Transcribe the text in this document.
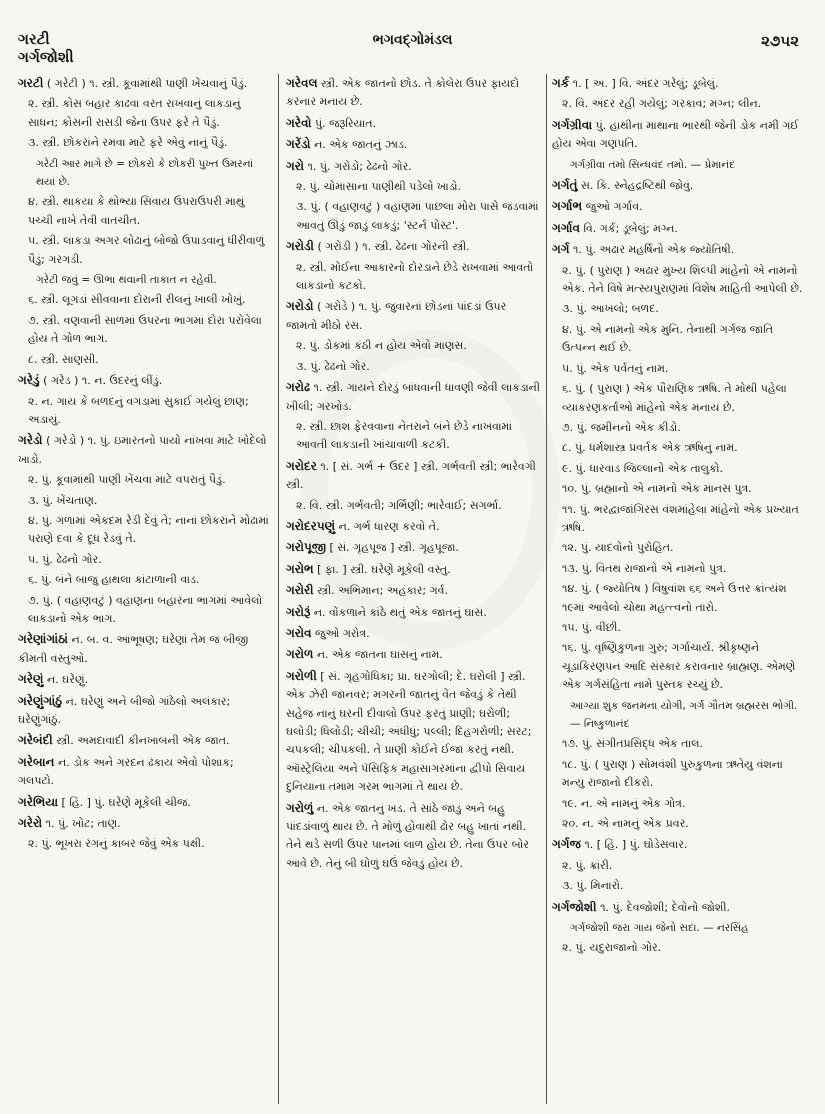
ગરટી
ગર્ગજોશી
ભગવદ્ગોમંડલ	૨૭૫૨
ગરટી ( ગરેટી ) ૧. સ્ત્રી. કૂવામાંથી પાણી ખેંચવાનું પૈડું.
૨. સ્ત્રી. કોસ બહાર કાઢવા વરત રાખવાનું લાકડાનું સાધન; કોસની રાસડી જેના ઉપર ફરે તે પૈડું.
૩. સ્ત્રી. છોકરાંને રમવા માટે ફરે એવું નાનું પૈડું.
ગરેટી આર માગે છે = છોકરો કે છોકરી પુખ્ત ઉમરનાં થયાં છે.
૪. સ્ત્રી. થાકયા કે થોભ્યા સિવાય ઉપરાઉપરી માથું પચ્ચી નાખે તેવી વાતચીત.
૫. સ્ત્રી. લાકડા અગર લોઢાનું બોજો ઉપાડવાનું ધીરીવાળું પૈડું; ગરગડી.
ગરેટી જવું = ઊભા થવાની તાકાત ન રહેવી.
૬. સ્ત્રી. લૂગડાં સીવવાના દોરાની રીલનું ખાલી ખોખું.
૭. સ્ત્રી. વણવાની સાળમાં ઉપરના ભાગમાં દોરા પરોવેલા હોય તે ગોળ ભાગ.
૮. સ્ત્રી. સાણસી.
ગરેડું ( ગરેડ ) ૧. ન. ઉંદરનું લીંડું.
૨. ન. ગાય કે બળદનું વગડામાં સુકાઈ ગયેલું છાણ; અડાયું.
ગરેડો ( ગરેડો ) ૧. પું. ઇમારતનો પાયો નાંખવા માટે ખોદેલો ખાડો.
૨. પું. કૂવામાંથી પાણી ખેંચવા માટે વપરાતું પૈડું.
૩. પું. ખેંચતાણ.
૪. પું. ગળામાં એકદમ રેડી દેવું તે; નાનાં છોકરાંને મોઢામાં પરાણે દવા કે દૂધ રેડવું તે.
૫. પું. ઢેઢનો ગોર.
૬. પું. બંને બાજુ હાથલા કાંટાળાની વાડ.
૭. પું. ( વહાણવટું ) વહાણના બહારના ભાગમાં આવેલો લાકડાનો એક ભાગ.
ગરેણાંગાંઠાં ન. બ. વ. આભૂષણ; ઘરેણાં તેમ જ બીજી કીમતી વસ્તુઓ.
ગરેણું ન. ઘરેણું.
ગરેણુંગાંઠું ન. ઘરેણું અને બીજો ગાંઠેલો અલંકાર; ઘરેણુંગાંઠું.
ગરેબંદી સ્ત્રી. અમદાવાદી કીનખાબની એક જાત.
ગરેબાન ન. ડોક અને ગરદન ઢંકાય એવો પોશાક; ગલપટો.
ગરેભિયા [ હિં. ] પું. ઘરેણે મૂકેલી ચીજ.
ગરેરો ૧. પું. ખોટ; તાણ.
૨. પું. ભૂખરા રંગનું કાબર જેવું એક પક્ષી.
ગરેવલ સ્ત્રી. એક જાતનો છોડ. તે કોલેરા ઉપર ફાયદો કરનાર મનાય છે.
ગરેવો પું. જરૂરિયાત.
ગરેંડો ન. એક જાતનું ઝાડ.
ગરો ૧. પું. ગરોડો; ઢેઢનો ગોર.
૨. પું. ચોમાસાના પાણીથી પડેલો ખાડો.
૩. પું. ( વહાણવટું ) વહાણમાં પાછલા મોરા પાસે જડવામાં આવતું ઊંડું જાડું લાકડું; 'સ્ટર્ન પોસ્ટ'.
ગરોડી ( ગરોડી ) ૧. સ્ત્રી. ઢેઢના ગોરની સ્ત્રી.
૨. સ્ત્રી. મોઈના આકારનો દોરડાને છેડે રાખવામાં આવતો લાકડાનો કટકો.
ગરોડો ( ગરોડે ) ૧. પું. જુવારનાં છોડનાં પાંદડાં ઉપર જામતો મીઠો રસ.
૨. પું. ડોકમાં કંઠી ન હોય એવો માણસ.
૩. પું. ઢેઢનો ગોર.
ગરોઢ ૧. સ્ત્રી. ગાયને દોરડું બાંધવાની ધાવણી જેવી લાકડાની ખીલી; ગરખોડ.
૨. સ્ત્રી. છાશ ફેરવવાના નેતરાને બંને છેડે નાખવામાં આવતી લાકડાની ખાંચાવાળી કટકી.
ગરોદર ૧. [ સં. ગર્ભ + ઉદર ] સ્ત્રી. ગર્ભવતી સ્ત્રી; ભારેવગી સ્ત્રી.
૨. વિ. સ્ત્રી. ગર્ભવતી; ગર્ભિણી; ભારેવાઈ; સગર્ભા.
ગરોદરપણું ન. ગર્ભ ધારણ કરવો તે.
ગરોપૂજી [ સં. ગૃહપૂજ ] સ્ત્રી. ગૃહપૂજા.
ગરોભ [ ફા. ] સ્ત્રી. ઘરેણે મૂકેલી વસ્તુ.
ગરોરી સ્ત્રી. અભિમાન; અહંકાર; ગર્વ.
ગરોરૂં ન. વોંકળાને કાંઠે થતું એક જાતનું ઘાસ.
ગરોવ જુઓ ગરોત્ર.
ગરોળ ન. એક જાતના ઘાસનું નામ.
ગરોળી [ સં. ગૃહગોધિકા; પ્રા. ઘરગોલી; દે. ઘરોલી ] સ્ત્રી. એક ઝેરી જાનવર; મગરની જાતનું વેંત જેવડું કે તેથી સહેજ નાનું ઘરની દીવાલો ઉપર ફરતું પ્રાણી; ઘરોળી; ઘલોડી; ધિલોડી; ચીચી; અંધીધું; પલ્લી; દિહગરોળી; સરટ; ચપકલી; ચીપકલી. તે પ્રાણી કોઈને ઈજા કરતું નથી. ઑસ્ટ્રેલિયા અને પૅસિફિક મહાસાગરમાંના દ્વીપો સિવાય દુનિયાના તમામ ગરમ ભાગમાં તે થાય છે.
ગરોળું ન. એક જાતનું ખડ. તે સાંઠે જાડું અને બહુ પાંદડાંવાળું થાય છે. તે મોળું હોવાથી ઢોર બહુ ખાતાં નથી. તેને થડે સળી ઉપર પાનમાં લાળ હોય છે. તેના ઉપર બોર આવે છે. તેનું બી ઘોળું ઘઉં જેવડું હોય છે.
ગર્ક ૧. [ અ. ] વિ. અંદર ગરેલું; ડૂબેલું.
૨. વિ. અંદર રહી ગયેલું; ગરકાવ; મગ્ન; લીન.
ગર્ગગ્રીવા પું. હાથીના માથાના ભારથી જેની ડોક નમી ગઈ હોય એવા ગણપતિ.
ગર્ગગ્રીવા તમો સિન્ધવંદ તમો. — પ્રેમાનંદ
ગર્ગતું સ. કિ. સ્નેહદ્રષ્ટિથી જોવું.
ગર્ગાભ જુઓ ગર્ગાવ.
ગર્ગાવ વિ. ગર્ક; ડૂબેલું; મગ્ન.
ગર્ગ ૧. પું. અઢાર મહર્ષિનો એક જ્યોતિષી.
૨. પું. ( પુરાણ ) અઢાર મુખ્ય શિલ્પી માંહેનો એ નામનો એક. તેને વિષે મત્સ્યપુરાણમાં વિશેષ માહિતી આપેલી છે.
૩. પું. આખલો; બળદ.
૪. પું. એ નામનો એક મુનિ. તેનાથી ગર્ગજ જાતિ ઉત્પન્ન થઈ છે.
૫. પું. એક પર્વતનું નામ.
૬. પું. ( પુરાણ ) એક પૌરાણિક ઋષિ. તે મોથી પહેલા વ્યાકરણકર્તાઓ માંહેનો એક મનાય છે.
૭. પું. જમીનનો એક કીડો.
૮. પું. ધર્મશાસ્ત્ર પ્રવર્તક એક ઋષિનું નામ.
૯. પું. ધારવાડ જિલ્લાનો એક તાલુકો.
૧૦. પું. બ્રહ્માનો એ નામનો એક માનસ પુત્ર.
૧૧. પું. ભરદ્વાજાંગિરસ વંશમાંહેલા માંહેનો એક પ્રખ્યાત ઋષિ.
૧૨. પું. યાદવોનો પુરોહિત.
૧૩. પું. વિતથ રાજાનો એ નામનો પુત્ર.
૧૪. પું. ( જ્યોતિષ ) વિષુવાંશ ૬૬ અને ઉત્તર ક્રાંત્યંશ ૧૯માં આવેલો ચોથા મહત્ત્વનો તારો.
૧૫. પું. વીંછી.
૧૬. પું. વૃષ્ણિકુળના ગુરુ; ગર્ગાચાર્ય. શ્રીકૃષ્ણને ચૂડાકિરણપન આદિ સંસ્કાર કરાવનાર બ્રાહ્મણ. એમણે એક ગર્ગસંહિતા નામે પુસ્તક રચ્યું છે.
આગ્યા શુક જનમના યોગી, ગર્ગ ગૌતમ બ્રહ્મરસ ભોગી. — નિષ્કુળાનંદ
૧૭. પું. સંગીતપ્રસિદ્ધ એક તાલ.
૧૮. પું. ( પુરાણ ) સોમવંશી પુરુકુળના ઋતેયુ વંશના મન્યુ રાજાનો દીકરો.
૧૯. ન. એ નામનું એક ગોત્ર.
૨૦. ન. એ નામનું એક પ્રવર.
ગર્ગજ ૧. [ હિં. ] પું. ઘોડેસવાર.
૨. પું. ક્રાંરી.
૩. પું. મિનારો.
ગર્ગજોશી ૧. પું. દેવજોશી; દેવોનો જોશી.
ગર્ગજોશી જરા ગાય જેનો સદા. — નરસિંહ
૨. પું. યદુરાજાનો ગોર.
